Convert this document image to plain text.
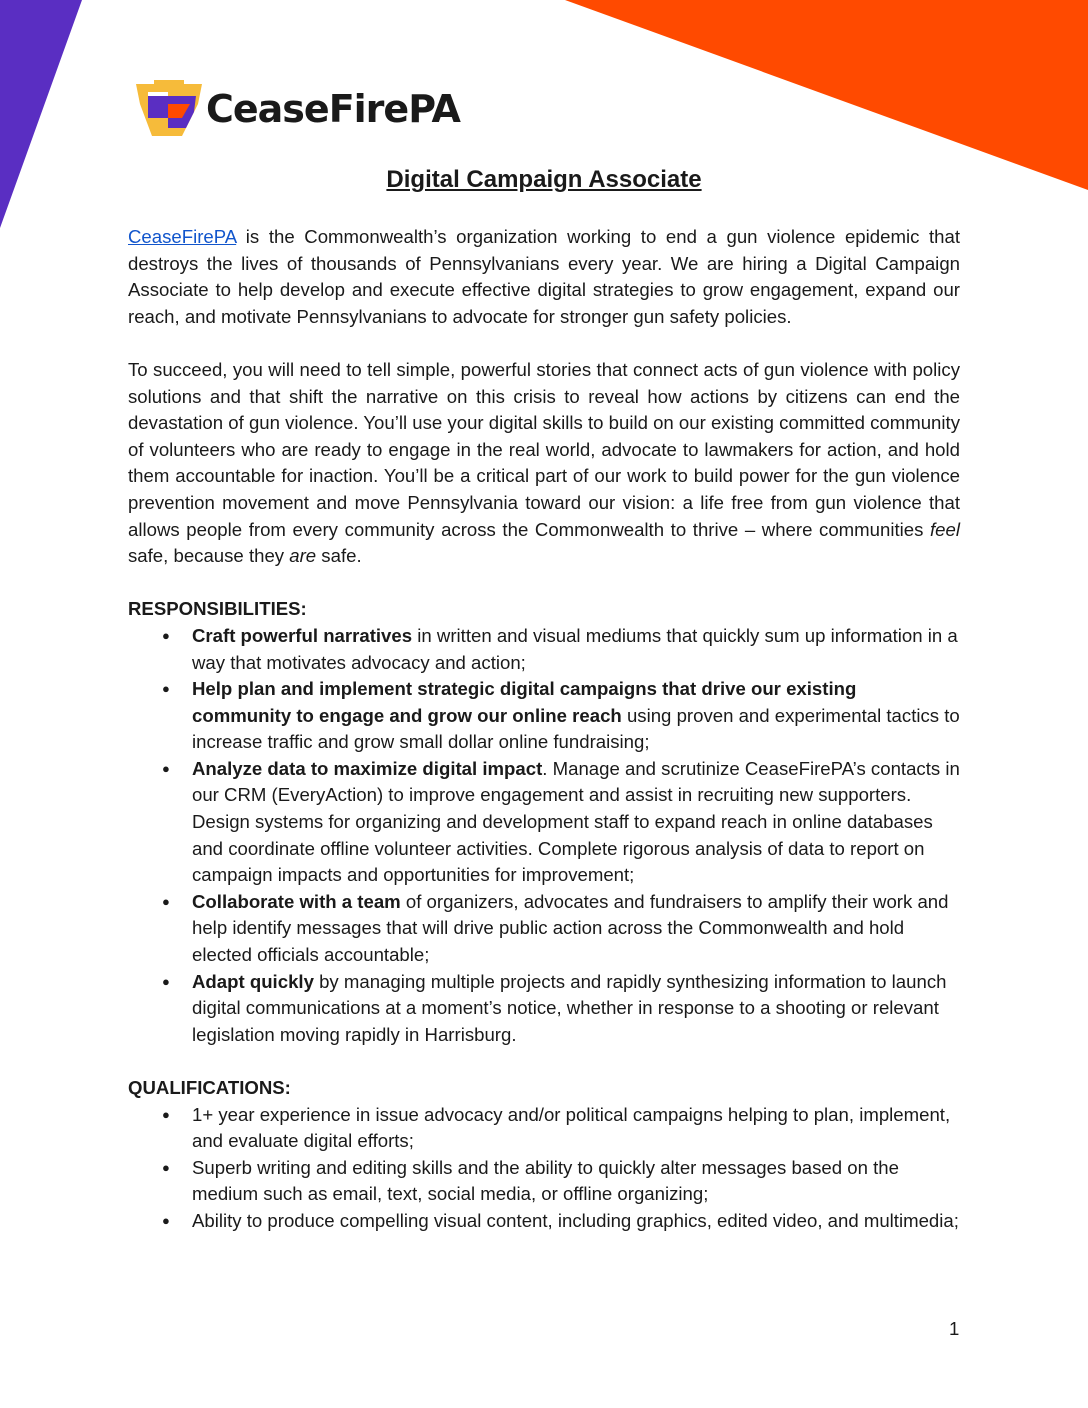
CeaseFirePA
Digital Campaign Associate

CeaseFirePA is the Commonwealth’s organization working to end a gun violence epidemic that destroys the lives of thousands of Pennsylvanians every year. We are hiring a Digital Campaign Associate to help develop and execute effective digital strategies to grow engagement, expand our reach, and motivate Pennsylvanians to advocate for stronger gun safety policies.

To succeed, you will need to tell simple, powerful stories that connect acts of gun violence with policy solutions and that shift the narrative on this crisis to reveal how actions by citizens can end the devastation of gun violence. You’ll use your digital skills to build on our existing committed community of volunteers who are ready to engage in the real world, advocate to lawmakers for action, and hold them accountable for inaction. You’ll be a critical part of our work to build power for the gun violence prevention movement and move Pennsylvania toward our vision: a life free from gun violence that allows people from every community across the Commonwealth to thrive – where communities feel safe, because they are safe.

RESPONSIBILITIES:

● Craft powerful narratives in written and visual mediums that quickly sum up information in a way that motivates advocacy and action;
● Help plan and implement strategic digital campaigns that drive our existing community to engage and grow our online reach using proven and experimental tactics to increase traffic and grow small dollar online fundraising;
● Analyze data to maximize digital impact. Manage and scrutinize CeaseFirePA’s contacts in our CRM (EveryAction) to improve engagement and assist in recruiting new supporters. Design systems for organizing and development staff to expand reach in online databases and coordinate offline volunteer activities. Complete rigorous analysis of data to report on campaign impacts and opportunities for improvement;
● Collaborate with a team of organizers, advocates and fundraisers to amplify their work and help identify messages that will drive public action across the Commonwealth and hold elected officials accountable;
● Adapt quickly by managing multiple projects and rapidly synthesizing information to launch digital communications at a moment’s notice, whether in response to a shooting or relevant legislation moving rapidly in Harrisburg.

QUALIFICATIONS:

● 1+ year experience in issue advocacy and/or political campaigns helping to plan, implement, and evaluate digital efforts;
● Superb writing and editing skills and the ability to quickly alter messages based on the medium such as email, text, social media, or offline organizing;
● Ability to produce compelling visual content, including graphics, edited video, and multimedia;
1
